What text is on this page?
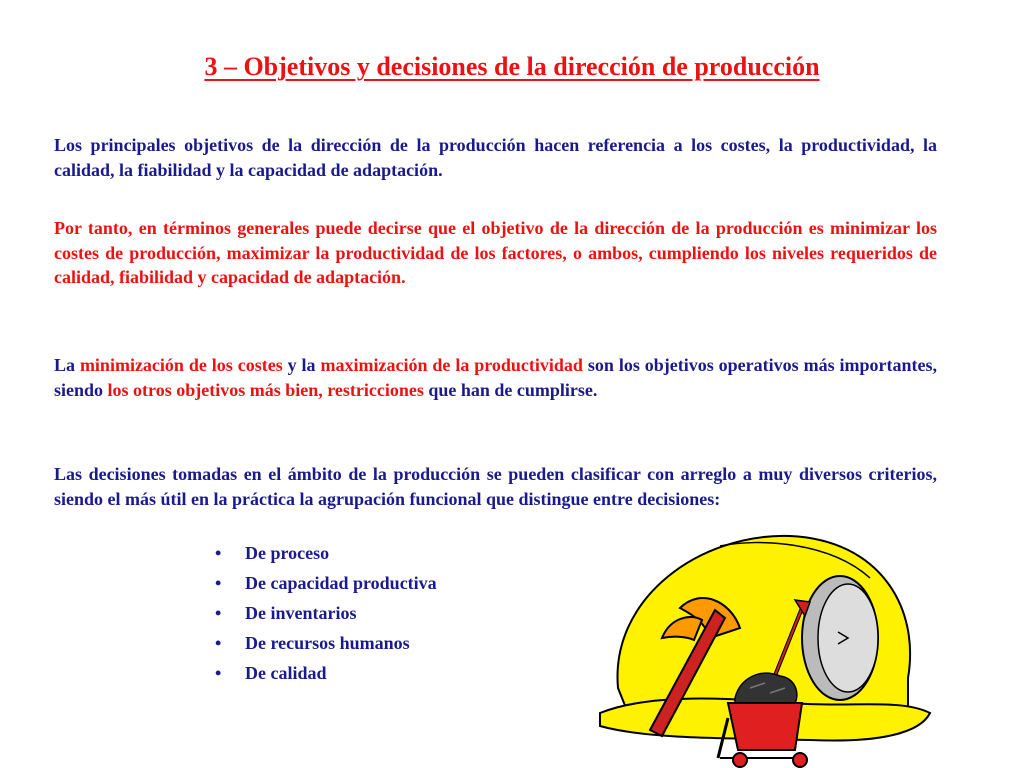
3 – Objetivos y decisiones de la dirección de producción

Los principales objetivos de la dirección de la producción hacen referencia a los costes, la productividad, la calidad, la fiabilidad y la capacidad de adaptación.

Por tanto, en términos generales puede decirse que el objetivo de la dirección de la producción es minimizar los costes de producción, maximizar la productividad de los factores, o ambos, cumpliendo los niveles requeridos de calidad, fiabilidad y capacidad de adaptación.

La minimización de los costes y la maximización de la productividad son los objetivos operativos más importantes, siendo los otros objetivos más bien, restricciones que han de cumplirse.

Las decisiones tomadas en el ámbito de la producción se pueden clasificar con arreglo a muy diversos criterios, siendo el más útil en la práctica la agrupación funcional que distingue entre decisiones:

• De proceso
• De capacidad productiva
• De inventarios
• De recursos humanos
• De calidad
